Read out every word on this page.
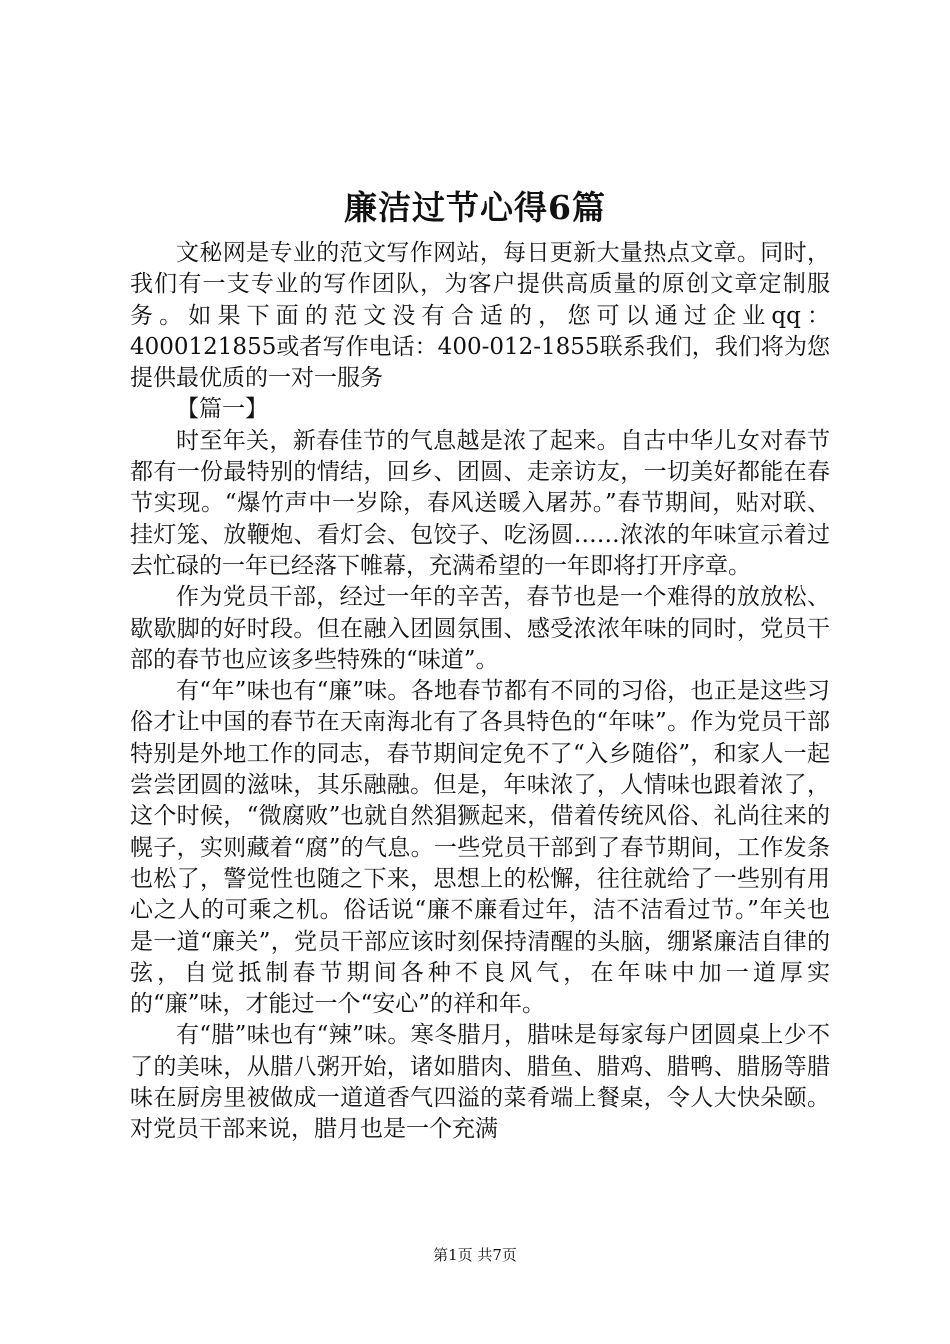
廉洁过节心得6篇

文秘网是专业的范文写作网站，每日更新大量热点文章。同时，我们有一支专业的写作团队，为客户提供高质量的原创文章定制服务。如果下面的范文没有合适的，您可以通过企业qq：4000121855或者写作电话：400-012-1855联系我们，我们将为您提供最优质的一对一服务

【篇一】

时至年关，新春佳节的气息越是浓了起来。自古中华儿女对春节都有一份最特别的情结，回乡、团圆、走亲访友，一切美好都能在春节实现。“爆竹声中一岁除，春风送暖入屠苏。”春节期间，贴对联、挂灯笼、放鞭炮、看灯会、包饺子、吃汤圆……浓浓的年味宣示着过去忙碌的一年已经落下帷幕，充满希望的一年即将打开序章。

作为党员干部，经过一年的辛苦，春节也是一个难得的放放松、歇歇脚的好时段。但在融入团圆氛围、感受浓浓年味的同时，党员干部的春节也应该多些特殊的“味道”。

有“年”味也有“廉”味。各地春节都有不同的习俗，也正是这些习俗才让中国的春节在天南海北有了各具特色的“年味”。作为党员干部特别是外地工作的同志，春节期间定免不了“入乡随俗”，和家人一起尝尝团圆的滋味，其乐融融。但是，年味浓了，人情味也跟着浓了，这个时候，“微腐败”也就自然猖獗起来，借着传统风俗、礼尚往来的幌子，实则藏着“腐”的气息。一些党员干部到了春节期间，工作发条也松了，警觉性也随之下来，思想上的松懈，往往就给了一些别有用心之人的可乘之机。俗话说“廉不廉看过年，洁不洁看过节。”年关也是一道“廉关”，党员干部应该时刻保持清醒的头脑，绷紧廉洁自律的弦，自觉抵制春节期间各种不良风气，在年味中加一道厚实的“廉”味，才能过一个“安心”的祥和年。

有“腊”味也有“辣”味。寒冬腊月，腊味是每家每户团圆桌上少不了的美味，从腊八粥开始，诸如腊肉、腊鱼、腊鸡、腊鸭、腊肠等腊味在厨房里被做成一道道香气四溢的菜肴端上餐桌，令人大快朵颐。对党员干部来说，腊月也是一个充满

第1页 共7页
